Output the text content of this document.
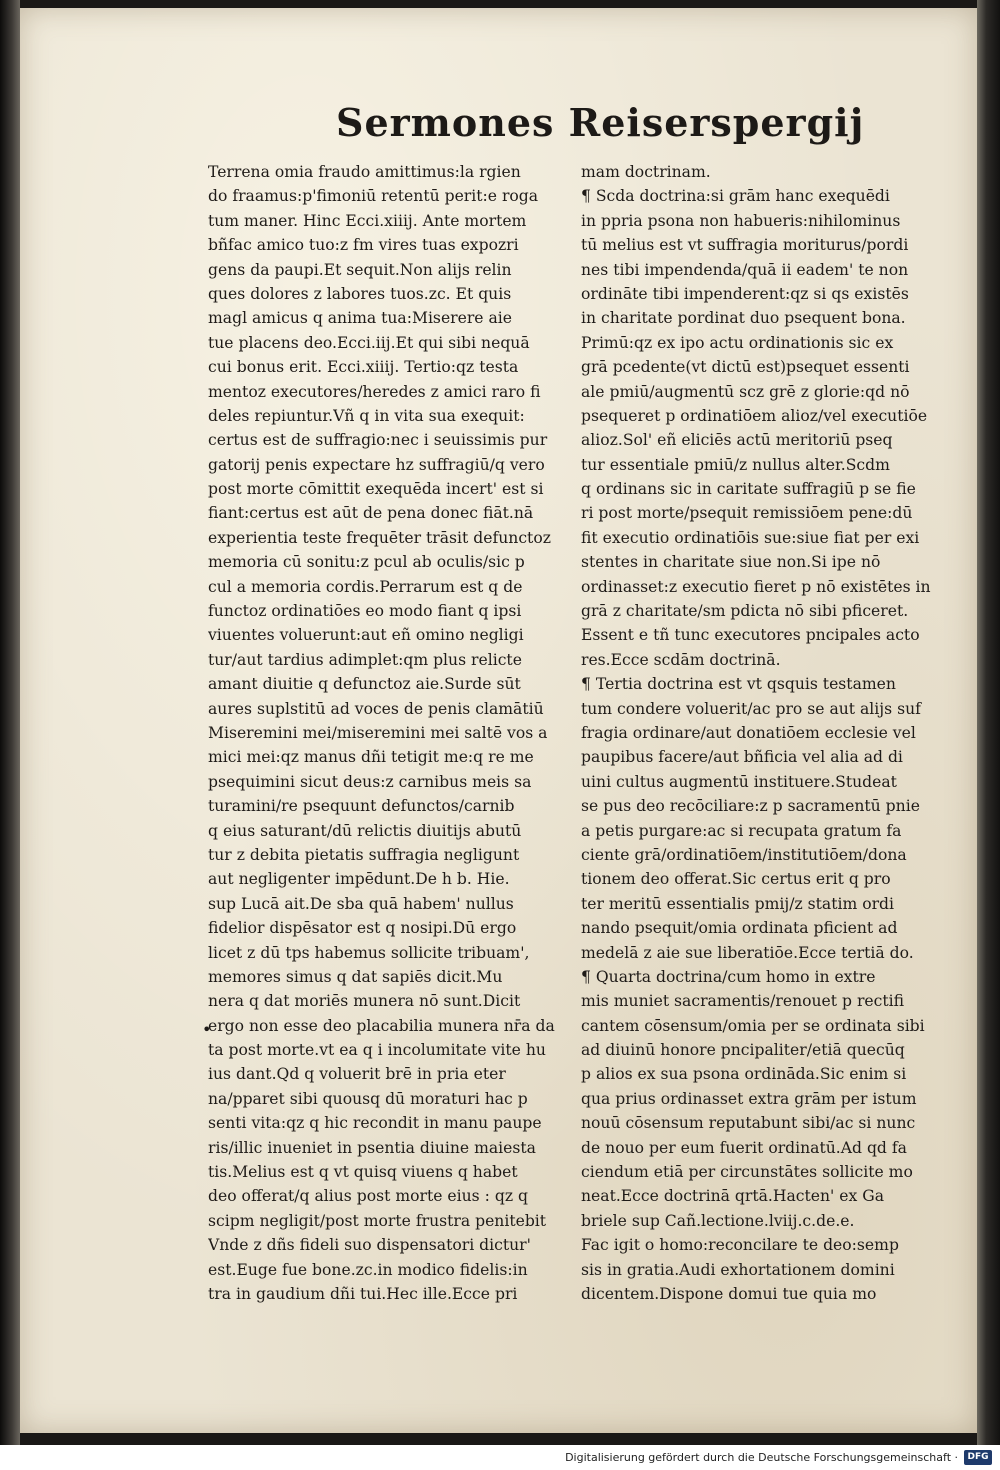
Sermones Reiserspergij
Terrena omia fraudo amittimus:la rgien
do fraamus:p'fimoniū retentū perit:e roga
tum maner. Hinc Ecci.xiiij. Ante mortem
bñfac amico tuo:z fm vires tuas expozri
gens da paupi.Et sequit.Non alijs relin
ques dolores z labores tuos.zc. Et quis
magl amicus q anima tua:Miserere aie
tue placens deo.Ecci.iij.Et qui sibi nequā
cui bonus erit. Ecci.xiiij. Tertio:qz testa
mentoz executores/heredes z amici raro fi
deles repiuntur.Vñ q in vita sua exequit:
certus est de suffragio:nec i seuissimis pur
gatorij penis expectare hz suffragiū/q vero
post morte cōmittit exequēda incert' est si
fiant:certus est aūt de pena donec fiāt.nā
experientia teste frequēter trāsit defunctoz
memoria cū sonitu:z pcul ab oculis/sic p
cul a memoria cordis.Perrarum est q de
functoz ordinatiōes eo modo fiant q ipsi
viuentes voluerunt:aut eñ omino negligi
tur/aut tardius adimplet:qm plus relicte
amant diuitie q defunctoz aie.Surde sūt
aures suplstitū ad voces de penis clamātiū
Miseremini mei/miseremini mei saltē vos a
mici mei:qz manus dñi tetigit me:q re me
psequimini sicut deus:z carnibus meis sa
turamini/re psequunt defunctos/carnib
q eius saturant/dū relictis diuitijs abutū
tur z debita pietatis suffragia negligunt
aut negligenter impēdunt.De h b. Hie.
sup Lucā ait.De sba quā habem' nullus
fidelior dispēsator est q nosipi.Dū ergo
licet z dū tps habemus sollicite tribuam',
memores simus q dat sapiēs dicit.Mu
nera q dat moriēs munera nō sunt.Dicit
ergo non esse deo placabilia munera nr̄a da
ta post morte.vt ea q i incolumitate vite hu
ius dant.Qd q voluerit brē in pria eter
na/pparet sibi quousq dū moraturi hac p
senti vita:qz q hic recondit in manu paupe
ris/illic inueniet in psentia diuine maiesta
tis.Melius est q vt quisq viuens q habet
deo offerat/q alius post morte eius : qz q
scipm negligit/post morte frustra penitebit
Vnde z dñs fideli suo dispensatori dictur'
est.Euge fue bone.zc.in modico fidelis:in
tra in gaudium dñi tui.Hec ille.Ecce pri
mam doctrinam.
¶ Scda doctrina:si grām hanc exequēdi
in ppria psona non habueris:nihilominus
tū melius est vt suffragia moriturus/pordi
nes tibi impendenda/quā ii eadem' te non
ordināte tibi impenderent:qz si qs existēs
in charitate pordinat duo psequent bona.
Primū:qz ex ipo actu ordinationis sic ex
grā pcedente(vt dictū est)psequet essenti
ale pmiū/augmentū scz grē z glorie:qd nō
psequeret p ordinatiōem alioz/vel executiōe
alioz.Sol' eñ eliciēs actū meritoriū pseq
tur essentiale pmiū/z nullus alter.Scdm
q ordinans sic in caritate suffragiū p se fie
ri post morte/psequit remissiōem pene:dū
fit executio ordinatiōis sue:siue fiat per exi
stentes in charitate siue non.Si ipe nō
ordinasset:z executio fieret p nō existētes in
grā z charitate/sm pdicta nō sibi pficeret.
Essent e tñ tunc executores pncipales acto
res.Ecce scdām doctrinā.
¶ Tertia doctrina est vt qsquis testamen
tum condere voluerit/ac pro se aut alijs suf
fragia ordinare/aut donatiōem ecclesie vel
paupibus facere/aut bñficia vel alia ad di
uini cultus augmentū instituere.Studeat
se pus deo recōciliare:z p sacramentū pnie
a petis purgare:ac si recupata gratum fa
ciente grā/ordinatiōem/institutiōem/dona
tionem deo offerat.Sic certus erit q pro
ter meritū essentialis pmij/z statim ordi
nando psequit/omia ordinata pficient ad
medelā z aie sue liberatiōe.Ecce tertiā do.
¶ Quarta doctrina/cum homo in extre
mis muniet sacramentis/renouet p rectifi
cantem cōsensum/omia per se ordinata sibi
ad diuinū honore pncipaliter/etiā quecūq
p alios ex sua psona ordināda.Sic enim si
qua prius ordinasset extra grām per istum
nouū cōsensum reputabunt sibi/ac si nunc
de nouo per eum fuerit ordinatū.Ad qd fa
ciendum etiā per circunstātes sollicite mo
neat.Ecce doctrinā qrtā.Hacten' ex Ga
briele sup Cañ.lectione.lviij.c.de.e.
Fac igit o homo:reconcilare te deo:semp
sis in gratia.Audi exhortationem domini
dicentem.Dispone domui tue quia mo
•
Digitalisierung gefördert durch die Deutsche Forschungsgemeinschaft ·	DFG
